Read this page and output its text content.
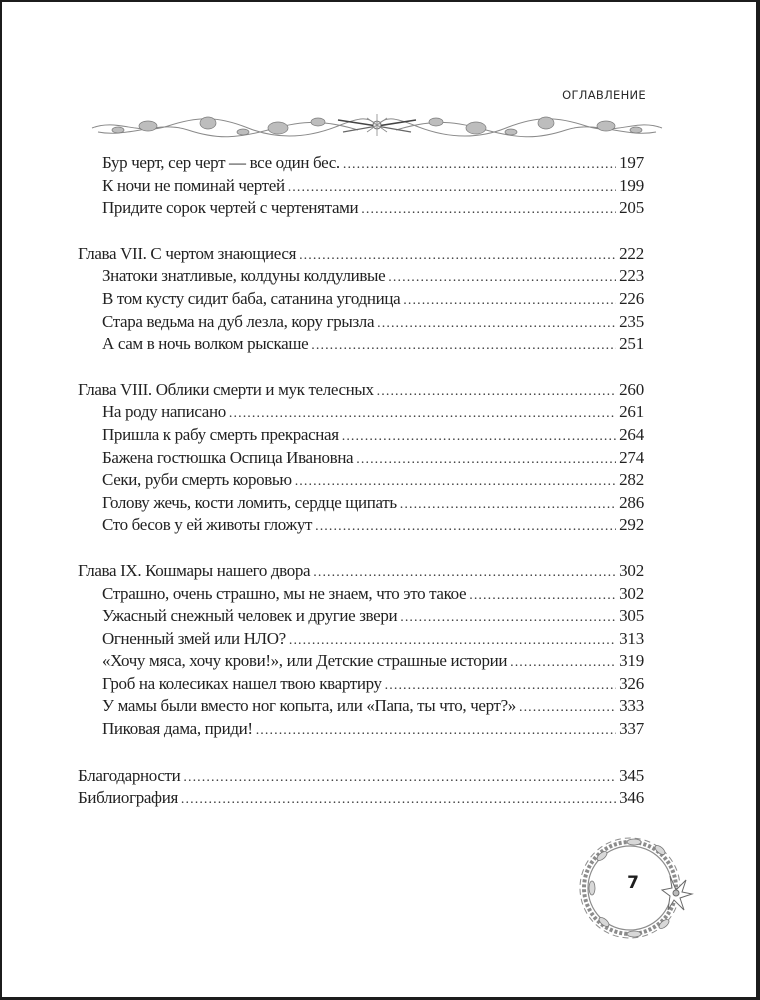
ОГЛАВЛЕНИЕ
Бур черт, сер черт — все один бес. . . .	197
К ночи не поминай чертей . . .	199
Придите сорок чертей с чертенятами . . .	205
Глава VII. С чертом знающиеся . . .	222
Знатоки знатливые, колдуны колдуливые . . .	223
В том кусту сидит баба, сатанина угодница . . .	226
Стара ведьма на дуб лезла, кору грызла . . .	235
А сам в ночь волком рыскаше . . .	251
Глава VIII. Облики смерти и мук телесных . . .	260
На роду написано . . .	261
Пришла к рабу смерть прекрасная . . .	264
Бажена гостюшка Оспица Ивановна . . .	274
Секи, руби смерть коровью . . .	282
Голову жечь, кости ломить, сердце щипать . . .	286
Сто бесов у ей животы гложут . . .	292
Глава IX. Кошмары нашего двора . . .	302
Страшно, очень страшно, мы не знаем, что это такое . . .	302
Ужасный снежный человек и другие звери . . .	305
Огненный змей или НЛО? . . .	313
«Хочу мяса, хочу крови!», или Детские страшные истории . . .	319
Гроб на колесиках нашел твою квартиру . . .	326
У мамы были вместо ног копыта, или «Папа, ты что, черт?» . . .	333
Пиковая дама, приди! . . .	337
Благодарности . . .	345
Библиография . . .	346
7
